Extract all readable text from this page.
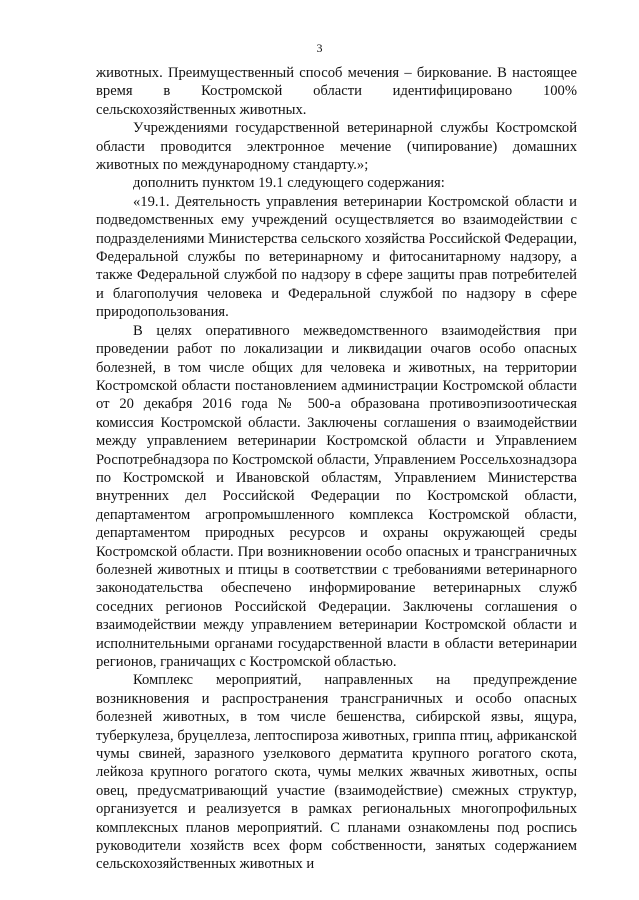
3

животных. Преимущественный способ мечения – биркование. В настоящее время в Костромской области идентифицировано 100% сельскохозяйственных животных.

Учреждениями государственной ветеринарной службы Костромской области проводится электронное мечение (чипирование) домашних животных по международному стандарту.»;

дополнить пунктом 19.1 следующего содержания:

«19.1. Деятельность управления ветеринарии Костромской области и подведомственных ему учреждений осуществляется во взаимодействии с подразделениями Министерства сельского хозяйства Российской Федерации, Федеральной службы по ветеринарному и фитосанитарному надзору, а также Федеральной службой по надзору в сфере защиты прав потребителей и благополучия человека и Федеральной службой по надзору в сфере природопользования.

В целях оперативного межведомственного взаимодействия при проведении работ по локализации и ликвидации очагов особо опасных болезней, в том числе общих для человека и животных, на территории Костромской области постановлением администрации Костромской области от 20 декабря 2016 года № 500-а образована противоэпизоотическая комиссия Костромской области. Заключены соглашения о взаимодействии между управлением ветеринарии Костромской области и Управлением Роспотребнадзора по Костромской области, Управлением Россельхознадзора по Костромской и Ивановской областям, Управлением Министерства внутренних дел Российской Федерации по Костромской области, департаментом агропромышленного комплекса Костромской области, департаментом природных ресурсов и охраны окружающей среды Костромской области. При возникновении особо опасных и трансграничных болезней животных и птицы в соответствии с требованиями ветеринарного законодательства обеспечено информирование ветеринарных служб соседних регионов Российской Федерации. Заключены соглашения о взаимодействии между управлением ветеринарии Костромской области и исполнительными органами государственной власти в области ветеринарии регионов, граничащих с Костромской областью.

Комплекс мероприятий, направленных на предупреждение возникновения и распространения трансграничных и особо опасных болезней животных, в том числе бешенства, сибирской язвы, ящура, туберкулеза, бруцеллеза, лептоспироза животных, гриппа птиц, африканской чумы свиней, заразного узелкового дерматита крупного рогатого скота, лейкоза крупного рогатого скота, чумы мелких жвачных животных, оспы овец, предусматривающий участие (взаимодействие) смежных структур, организуется и реализуется в рамках региональных многопрофильных комплексных планов мероприятий. С планами ознакомлены под роспись руководители хозяйств всех форм собственности, занятых содержанием сельскохозяйственных животных и
